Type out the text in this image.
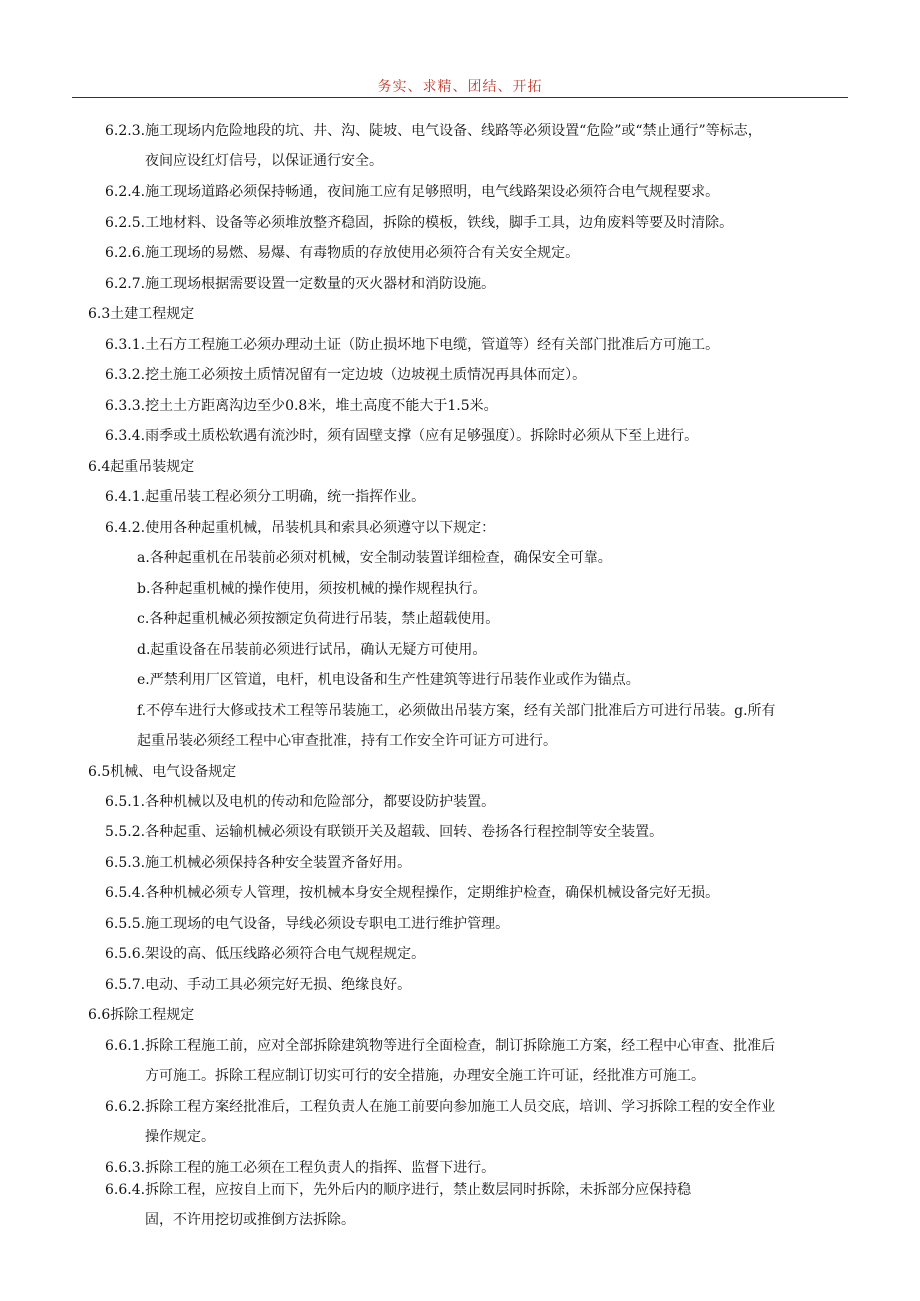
务实、求精、团结、开拓
6.2.3.施工现场内危险地段的坑、井、沟、陡坡、电气设备、线路等必须设置“危险”或“禁止通行”等标志，
夜间应设红灯信号，以保证通行安全。
6.2.4.施工现场道路必须保持畅通，夜间施工应有足够照明，电气线路架设必须符合电气规程要求。
6.2.5.工地材料、设备等必须堆放整齐稳固，拆除的模板，铁线，脚手工具，边角废料等要及时清除。
6.2.6.施工现场的易燃、易爆、有毒物质的存放使用必须符合有关安全规定。
6.2.7.施工现场根据需要设置一定数量的灭火器材和消防设施。
6.3土建工程规定
6.3.1.土石方工程施工必须办理动土证（防止损坏地下电缆，管道等）经有关部门批准后方可施工。
6.3.2.挖土施工必须按土质情况留有一定边坡（边坡视土质情况再具体而定）。
6.3.3.挖土土方距离沟边至少0.8米，堆土高度不能大于1.5米。
6.3.4.雨季或土质松软遇有流沙时，须有固壁支撑（应有足够强度）。拆除时必须从下至上进行。
6.4起重吊装规定
6.4.1.起重吊装工程必须分工明确，统一指挥作业。
6.4.2.使用各种起重机械，吊装机具和索具必须遵守以下规定：
a.各种起重机在吊装前必须对机械，安全制动装置详细检查，确保安全可靠。
b.各种起重机械的操作使用，须按机械的操作规程执行。
c.各种起重机械必须按额定负荷进行吊装，禁止超载使用。
d.起重设备在吊装前必须进行试吊，确认无疑方可使用。
e.严禁利用厂区管道，电杆，机电设备和生产性建筑等进行吊装作业或作为锚点。
f.不停车进行大修或技术工程等吊装施工，必须做出吊装方案，经有关部门批准后方可进行吊装。g.所有
起重吊装必须经工程中心审查批准，持有工作安全许可证方可进行。
6.5机械、电气设备规定
6.5.1.各种机械以及电机的传动和危险部分，都要设防护装置。
5.5.2.各种起重、运输机械必须设有联锁开关及超载、回转、卷扬各行程控制等安全装置。
6.5.3.施工机械必须保持各种安全装置齐备好用。
6.5.4.各种机械必须专人管理，按机械本身安全规程操作，定期维护检查，确保机械设备完好无损。
6.5.5.施工现场的电气设备，导线必须设专职电工进行维护管理。
6.5.6.架设的高、低压线路必须符合电气规程规定。
6.5.7.电动、手动工具必须完好无损、绝缘良好。
6.6拆除工程规定
6.6.1.拆除工程施工前，应对全部拆除建筑物等进行全面检查，制订拆除施工方案，经工程中心审查、批准后
方可施工。拆除工程应制订切实可行的安全措施，办理安全施工许可证，经批准方可施工。
6.6.2.拆除工程方案经批准后，工程负责人在施工前要向参加施工人员交底，培训、学习拆除工程的安全作业
操作规定。
6.6.3.拆除工程的施工必须在工程负责人的指挥、监督下进行。
6.6.4.拆除工程，应按自上而下，先外后内的顺序进行，禁止数层同时拆除，未拆部分应保持稳
固，不许用挖切或推倒方法拆除。
